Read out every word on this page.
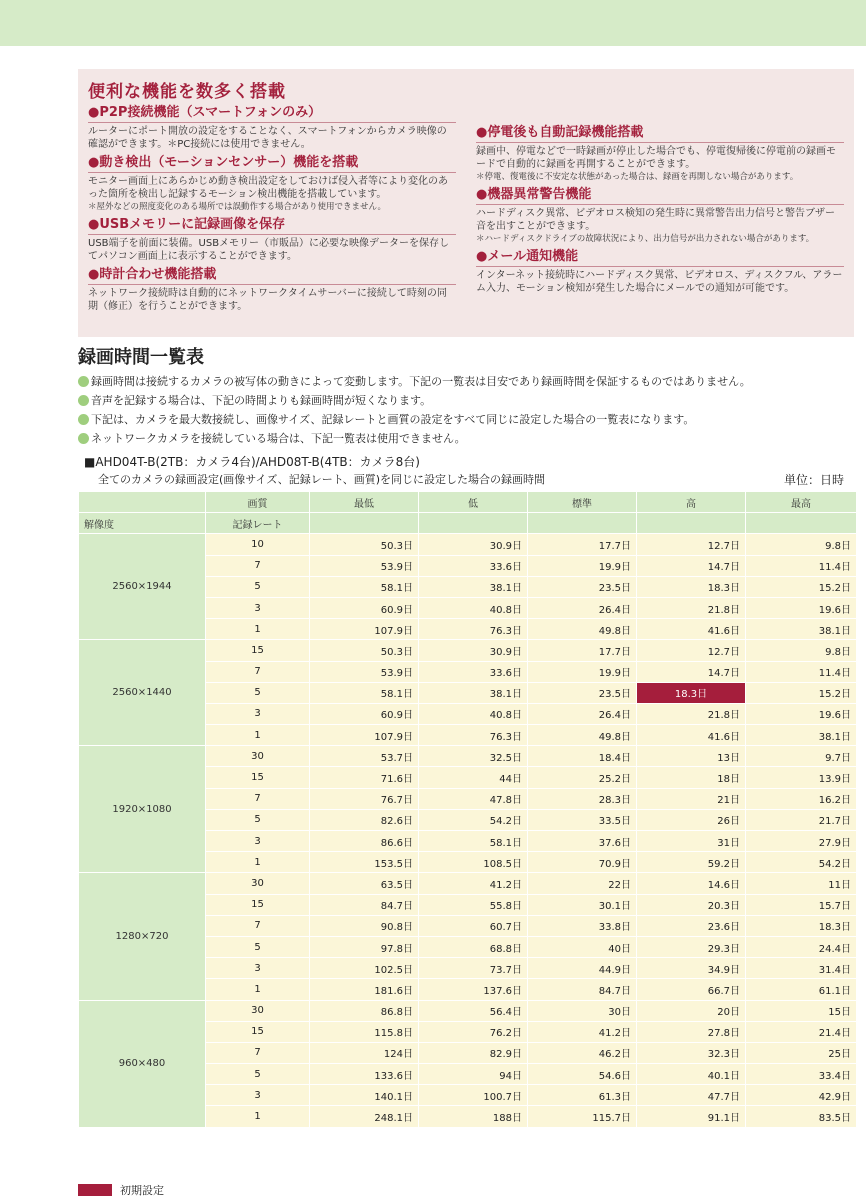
便利な機能を数多く搭載
●P2P接続機能（スマートフォンのみ）
ルーターにポート開放の設定をすることなく、スマートフォンからカメラ映像の確認ができます。＊PC接続には使用できません。
●動き検出（モーションセンサー）機能を搭載
モニター画面上にあらかじめ動き検出設定をしておけば侵入者等により変化のあった箇所を検出し記録するモーション検出機能を搭載しています。
＊屋外などの照度変化のある場所では誤動作する場合があり使用できません。
●USBメモリーに記録画像を保存
USB端子を前面に装備。USBメモリー（市販品）に必要な映像データーを保存してパソコン画面上に表示することができます。
●時計合わせ機能搭載
ネットワーク接続時は自動的にネットワークタイムサーバーに接続して時刻の同期（修正）を行うことができます。
●停電後も自動記録機能搭載
録画中、停電などで一時録画が停止した場合でも、停電復帰後に停電前の録画モードで自動的に録画を再開することができます。
＊停電、復電後に不安定な状態があった場合は、録画を再開しない場合があります。
●機器異常警告機能
ハードディスク異常、ビデオロス検知の発生時に異常警告出力信号と警告ブザー音を出すことができます。
＊ハードディスクドライブの故障状況により、出力信号が出力されない場合があります。
●メール通知機能
インターネット接続時にハードディスク異常、ビデオロス、ディスクフル、アラーム入力、モーション検知が発生した場合にメールでの通知が可能です。
録画時間一覧表
録画時間は接続するカメラの被写体の動きによって変動します。下記の一覧表は目安であり録画時間を保証するものではありません。
音声を記録する場合は、下記の時間よりも録画時間が短くなります。
下記は、カメラを最大数接続し、画像サイズ、記録レートと画質の設定をすべて同じに設定した場合の一覧表になります。
ネットワークカメラを接続している場合は、下記一覧表は使用できません。
■AHD04T-B(2TB：カメラ4台)/AHD08T-B(4TB：カメラ8台)
全てのカメラの録画設定(画像サイズ、記録レート、画質)を同じに設定した場合の録画時間	単位：日時
	画質	最低	低	標準	高	最高
解像度	記録レート					
2560×1944	10	50.3日	30.9日	17.7日	12.7日	9.8日
	7	53.9日	33.6日	19.9日	14.7日	11.4日
	5	58.1日	38.1日	23.5日	18.3日	15.2日
	3	60.9日	40.8日	26.4日	21.8日	19.6日
	1	107.9日	76.3日	49.8日	41.6日	38.1日
2560×1440	15	50.3日	30.9日	17.7日	12.7日	9.8日
	7	53.9日	33.6日	19.9日	14.7日	11.4日
	5	58.1日	38.1日	23.5日	18.3日	15.2日
	3	60.9日	40.8日	26.4日	21.8日	19.6日
	1	107.9日	76.3日	49.8日	41.6日	38.1日
1920×1080	30	53.7日	32.5日	18.4日	13日	9.7日
	15	71.6日	44日	25.2日	18日	13.9日
	7	76.7日	47.8日	28.3日	21日	16.2日
	5	82.6日	54.2日	33.5日	26日	21.7日
	3	86.6日	58.1日	37.6日	31日	27.9日
	1	153.5日	108.5日	70.9日	59.2日	54.2日
1280×720	30	63.5日	41.2日	22日	14.6日	11日
	15	84.7日	55.8日	30.1日	20.3日	15.7日
	7	90.8日	60.7日	33.8日	23.6日	18.3日
	5	97.8日	68.8日	40日	29.3日	24.4日
	3	102.5日	73.7日	44.9日	34.9日	31.4日
	1	181.6日	137.6日	84.7日	66.7日	61.1日
960×480	30	86.8日	56.4日	30日	20日	15日
	15	115.8日	76.2日	41.2日	27.8日	21.4日
	7	124日	82.9日	46.2日	32.3日	25日
	5	133.6日	94日	54.6日	40.1日	33.4日
	3	140.1日	100.7日	61.3日	47.7日	42.9日
	1	248.1日	188日	115.7日	91.1日	83.5日
初期設定
